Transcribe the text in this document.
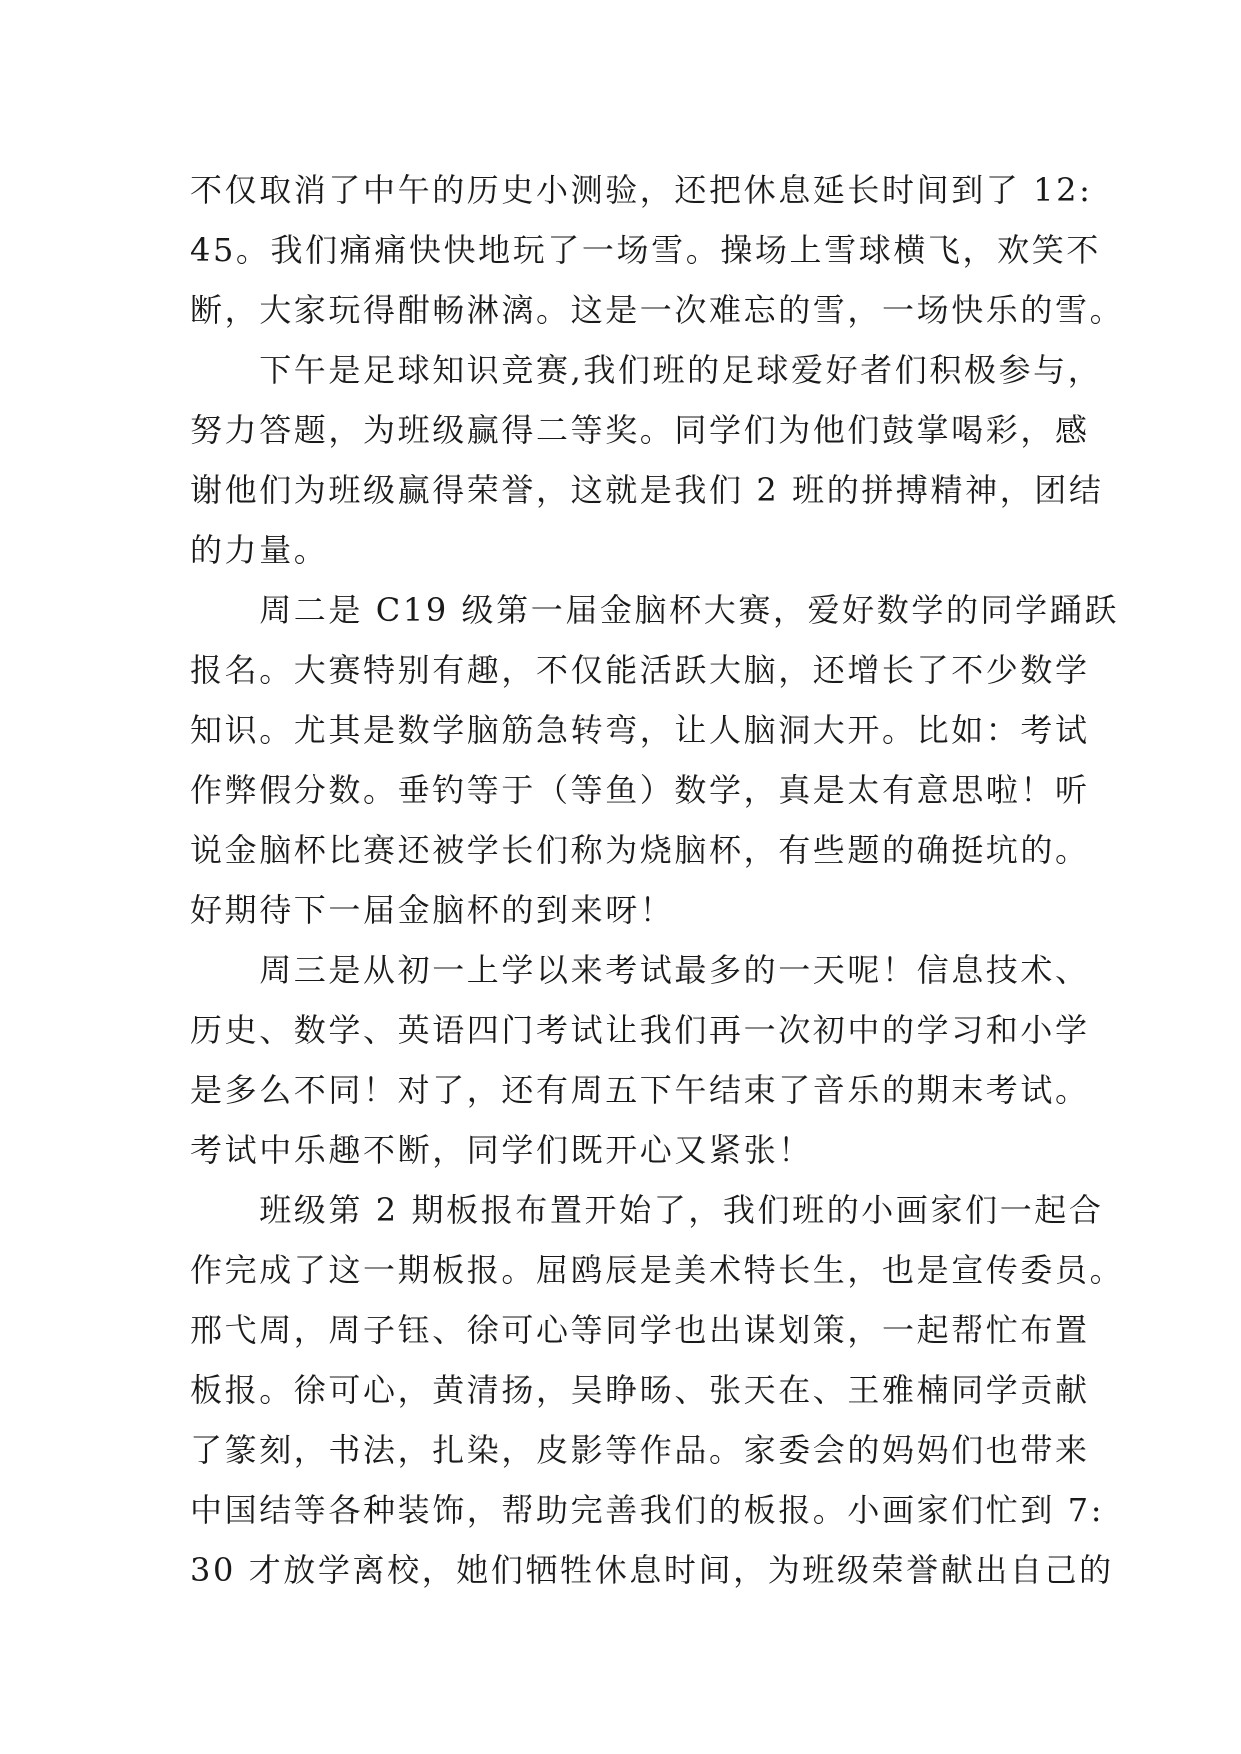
不仅取消了中午的历史小测验，还把休息延长时间到了 12:
45。我们痛痛快快地玩了一场雪。操场上雪球横飞，欢笑不
断，大家玩得酣畅淋漓。这是一次难忘的雪，一场快乐的雪。
　　下午是足球知识竞赛,我们班的足球爱好者们积极参与，
努力答题，为班级赢得二等奖。同学们为他们鼓掌喝彩，感
谢他们为班级赢得荣誉，这就是我们 2 班的拼搏精神，团结
的力量。
　　周二是 C19 级第一届金脑杯大赛，爱好数学的同学踊跃
报名。大赛特别有趣，不仅能活跃大脑，还增长了不少数学
知识。尤其是数学脑筋急转弯，让人脑洞大开。比如：考试
作弊假分数。垂钓等于（等鱼）数学，真是太有意思啦！听
说金脑杯比赛还被学长们称为烧脑杯，有些题的确挺坑的。
好期待下一届金脑杯的到来呀！
　　周三是从初一上学以来考试最多的一天呢！信息技术、
历史、数学、英语四门考试让我们再一次初中的学习和小学
是多么不同！对了，还有周五下午结束了音乐的期末考试。
考试中乐趣不断，同学们既开心又紧张！
　　班级第 2 期板报布置开始了，我们班的小画家们一起合
作完成了这一期板报。屈鸥辰是美术特长生，也是宣传委员。
邢弋周，周子钰、徐可心等同学也出谋划策，一起帮忙布置
板报。徐可心，黄清扬，吴睁旸、张天在、王雅楠同学贡献
了篆刻，书法，扎染，皮影等作品。家委会的妈妈们也带来
中国结等各种装饰，帮助完善我们的板报。小画家们忙到 7:
30 才放学离校，她们牺牲休息时间，为班级荣誉献出自己的
